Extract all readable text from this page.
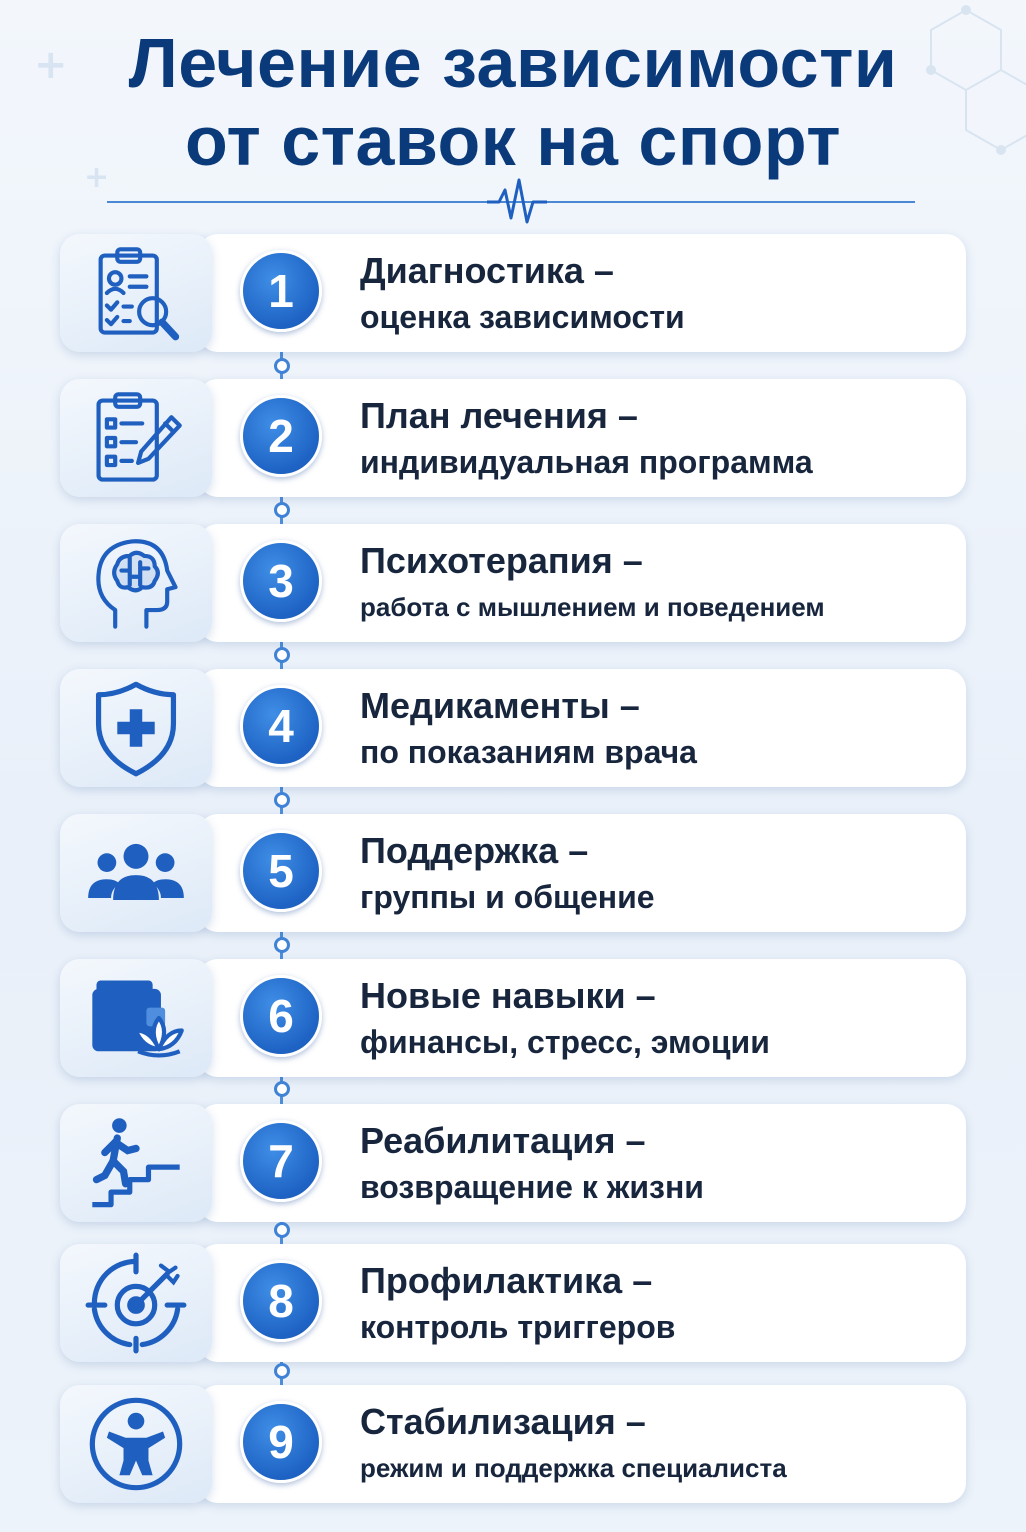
+
+
Лечение зависимости
от ставок на спорт
1	Диагностика –
оценка зависимости
2	План лечения –
индивидуальная программа
3	Психотерапия –
работа с мышлением и поведением
4	Медикаменты –
по показаниям врача
5	Поддержка –
группы и общение
6	Новые навыки –
финансы, стресс, эмоции
7	Реабилитация –
возвращение к жизни
8	Профилактика –
контроль триггеров
9	Стабилизация –
режим и поддержка специалиста
